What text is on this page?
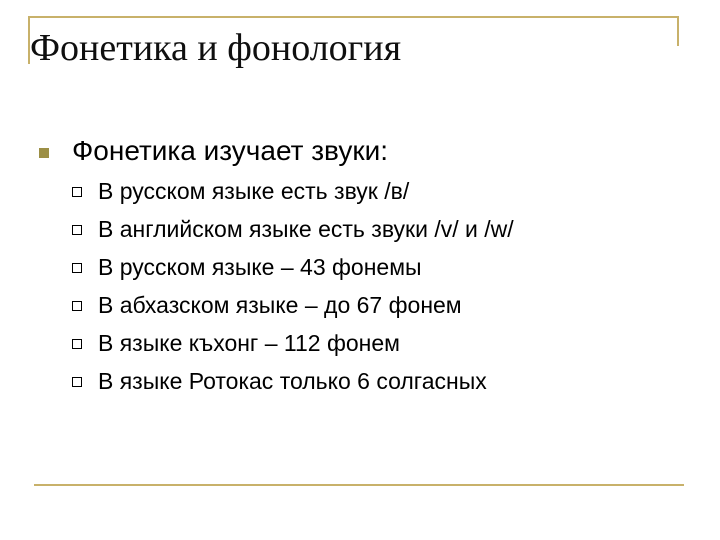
Фонетика и фонология
Фонетика изучает звуки:
В русском языке есть звук /в/
В английском языке есть звуки /v/ и /w/
В русском языке – 43 фонемы
В абхазском языке – до 67 фонем
В языке къхонг – 112 фонем
В языке Ротокас только 6 солгасных
